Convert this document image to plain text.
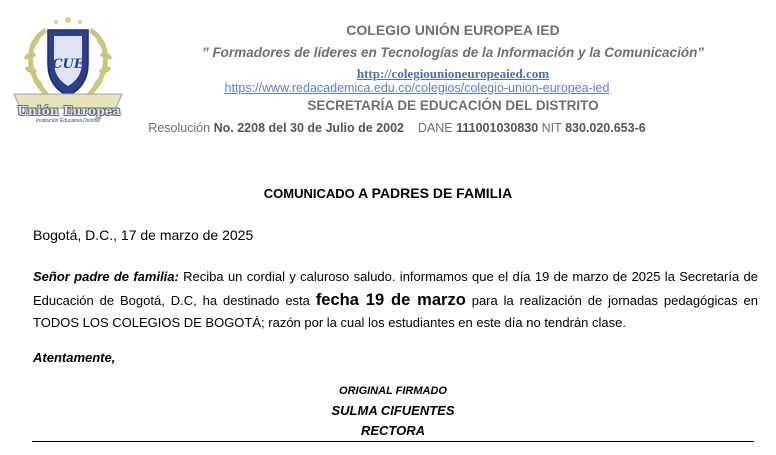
CUE
Unión Europea
Institución Educativa Distrital
COLEGIO UNIÓN EUROPEA IED
” Formadores de líderes en Tecnologías de la Información y la Comunicación”
http://colegiounioneuropeaied.com
https://www.redacademica.edu.co/colegios/colegio-union-europea-ied
SECRETARÍA DE EDUCACIÓN DEL DISTRITO
Resolución No. 2208 del 30 de Julio de 2002 DANE 111001030830 NIT 830.020.653-6
COMUNICADO A PADRES DE FAMILIA
Bogotá, D.C., 17 de marzo de 2025
Señor padre de familia: Reciba un cordial y caluroso saludo. informamos que el día 19 de marzo de 2025 la Secretaría de Educación de Bogotá, D.C, ha destinado esta fecha 19 de marzo para la realización de jornadas pedagógicas en TODOS LOS COLEGIOS DE BOGOTÁ; razón por la cual los estudiantes en este día no tendrán clase.
Atentamente,
ORIGINAL FIRMADO
SULMA CIFUENTES
RECTORA
